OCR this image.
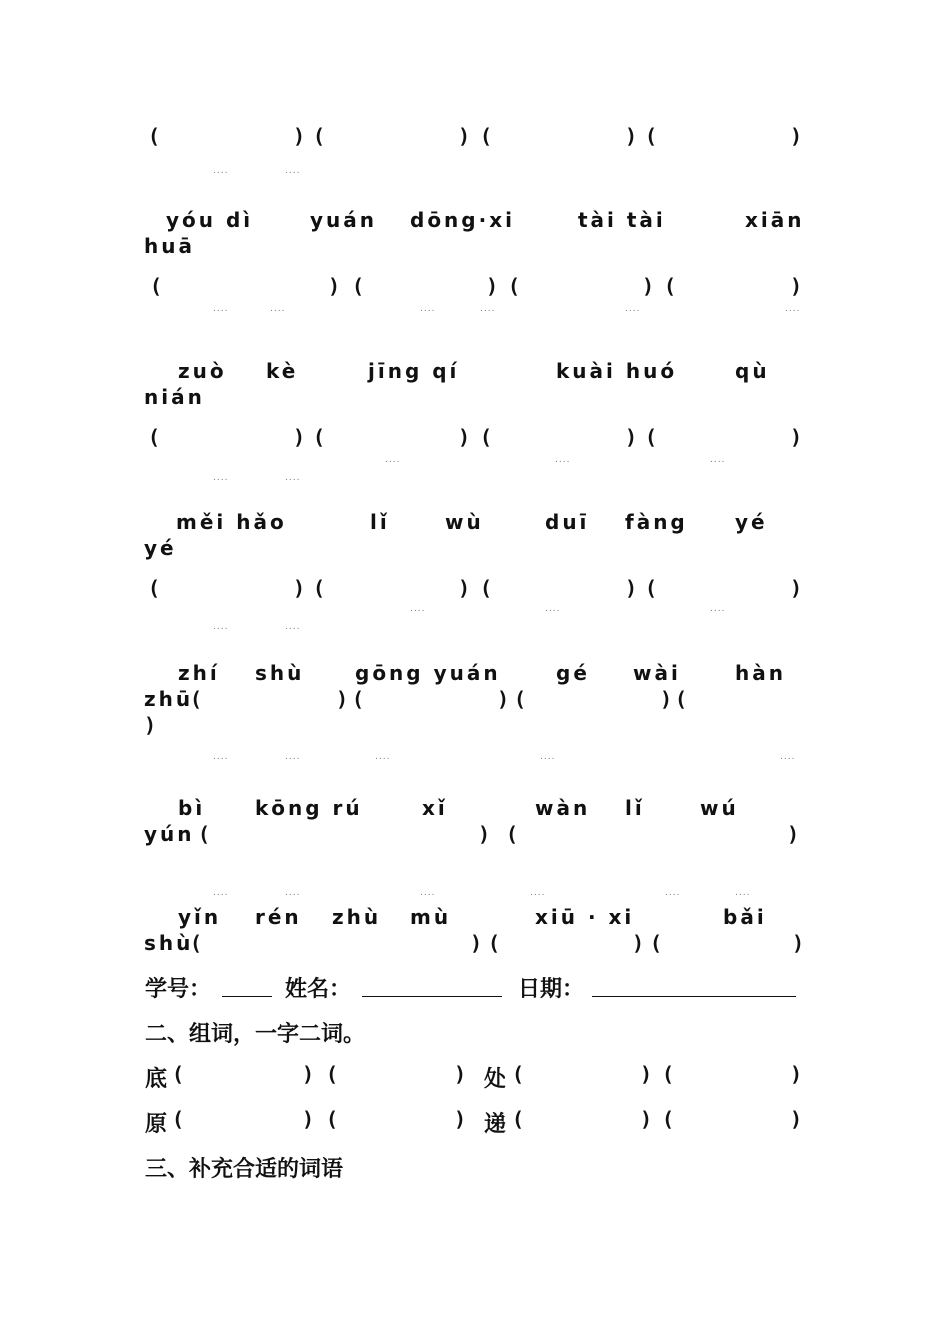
(	) (	) (	) (	)
yóu dì	yuán dōng·xi	tài tài	xiān
huā
(	) (	) (	) (	)
zuò kè	jīng qí	kuài huó	qù
nián
(	) (	) (	) (	)
měi hǎo	lǐ	wù	duī fàng yé
yé
(	) (	) (	) (	)
zhí shù	gōng yuán	gé wài	hàn
zhū
(	) (	) (	) (
)
bì kōng rú	xǐ	wàn lǐ	wú
yún (	) (	)
yǐn rén zhù mù	xiū · xi	bǎi
shù
(	) (	) (	)
学号：	姓名：	日期：
二、组词，一字二词。
底 (	) (	) 处 (	) (	)
原 (	) (	) 递 (	) (	)
三、补充合适的词语
....	....
....	....	....	....	....	....
....	....
....	....	....
....	....
....	....	....
....	....	....	....	....
....	....	....	....	....	....
